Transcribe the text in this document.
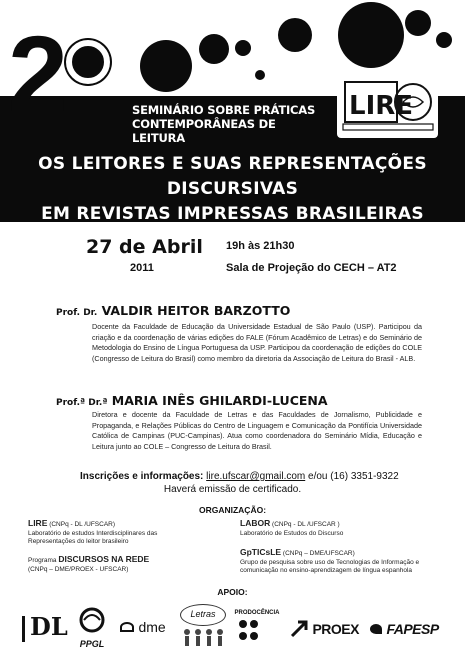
2	SEMINÁRIO SOBRE PRÁTICAS
CONTEMPORÂNEAS DE LEITURA
LIRE
OS LEITORES E SUAS REPRESENTAÇÕES DISCURSIVAS
EM REVISTAS IMPRESSAS BRASILEIRAS
27 de Abril
2011
19h às 21h30
Sala de Projeção do CECH – AT2
Prof. Dr. VALDIR HEITOR BARZOTTO
Docente da Faculdade de Educação da Universidade Estadual de São Paulo (USP). Participou da criação e da coordenação de várias edições do FALE (Fórum Acadêmico de Letras) e do Seminário de Metodologia do Ensino de Língua Portuguesa da USP. Participou da coordenação de edições do COLE (Congresso de Leitura do Brasil) como membro da diretoria da Associação de Leitura do Brasil - ALB.
Prof.ª Dr.ª MARIA INÊS GHILARDI-LUCENA
Diretora e docente da Faculdade de Letras e das Faculdades de Jornalismo, Publicidade e Propaganda, e Relações Públicas do Centro de Linguagem e Comunicação da Pontifícia Universidade Católica de Campinas (PUC-Campinas). Atua como coordenadora do Seminário Mídia, Educação e Leitura junto ao COLE – Congresso de Leitura do Brasil.
Inscrições e informações: lire.ufscar@gmail.com e/ou (16) 3351-9322
Haverá emissão de certificado.
ORGANIZAÇÃO:
LIRE (CNPq - DL /UFSCAR)
Laboratório de estudos Interdisciplinares das Representações do leitor brasileiro
LABOR (CNPq - DL /UFSCAR )
Laboratório de Estudos do Discurso
Programa DISCURSOS NA REDE
(CNPq – DME/PROEX - UFSCAR)
GpTICsLE (CNPq – DME/UFSCAR)
Grupo de pesquisa sobre uso de Tecnologias de Informação e comunicação no ensino-aprendizagem de língua espanhola
APOIO:
DL
PPGL
dme
Letras	PRODOCÊNCIA
PROEX	FAPESP
